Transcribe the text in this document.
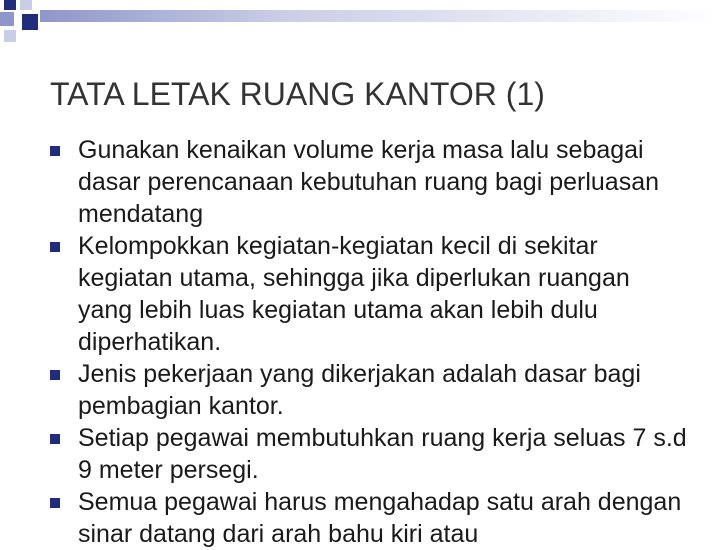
TATA LETAK RUANG KANTOR (1)
Gunakan kenaikan volume kerja masa lalu sebagai dasar perencanaan kebutuhan ruang bagi perluasan mendatang
Kelompokkan kegiatan-kegiatan kecil di sekitar kegiatan utama, sehingga jika diperlukan ruangan yang lebih luas kegiatan utama akan lebih dulu diperhatikan.
Jenis pekerjaan yang dikerjakan adalah dasar bagi pembagian kantor.
Setiap pegawai membutuhkan ruang kerja seluas 7 s.d 9 meter persegi.
Semua pegawai harus mengahadap satu arah dengan sinar datang dari arah bahu kiri atau
